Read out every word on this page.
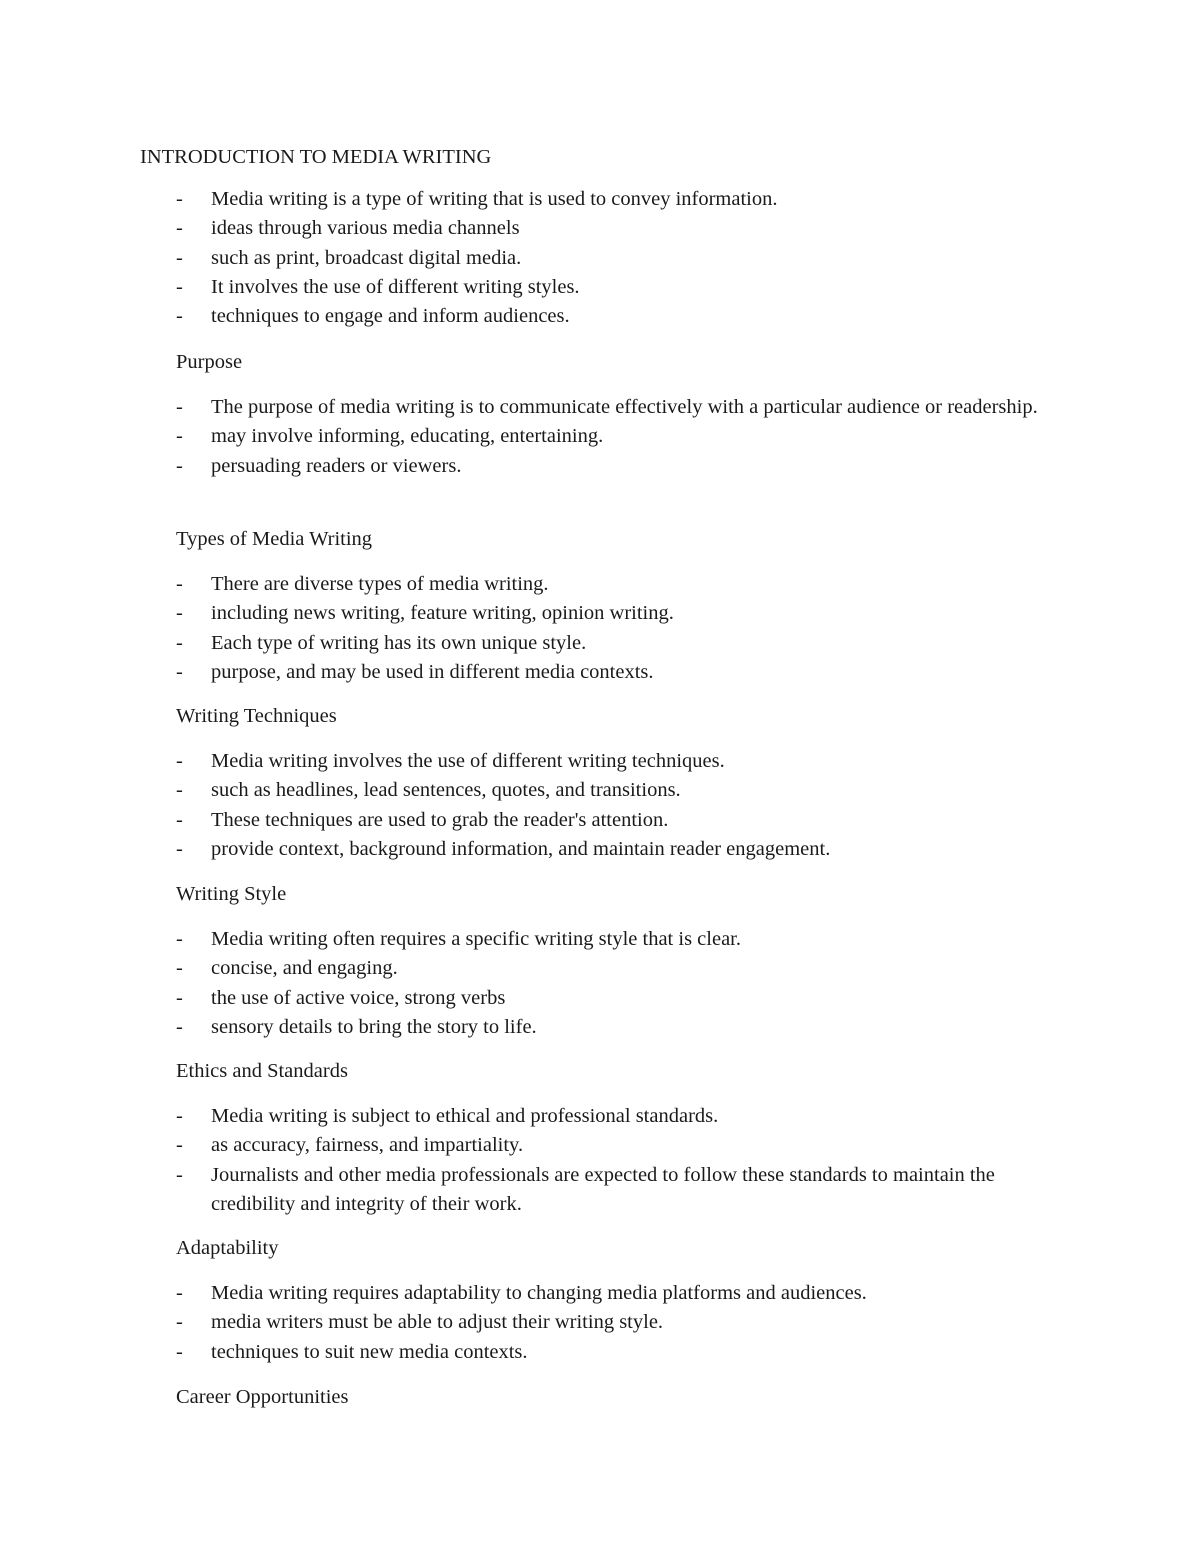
INTRODUCTION TO MEDIA WRITING
- Media writing is a type of writing that is used to convey information.
- ideas through various media channels
- such as print, broadcast digital media.
- It involves the use of different writing styles.
- techniques to engage and inform audiences.
Purpose
- The purpose of media writing is to communicate effectively with a particular audience or readership.
- may involve informing, educating, entertaining.
- persuading readers or viewers.
Types of Media Writing
- There are diverse types of media writing.
- including news writing, feature writing, opinion writing.
- Each type of writing has its own unique style.
- purpose, and may be used in different media contexts.
Writing Techniques
- Media writing involves the use of different writing techniques.
- such as headlines, lead sentences, quotes, and transitions.
- These techniques are used to grab the reader's attention.
- provide context, background information, and maintain reader engagement.
Writing Style
- Media writing often requires a specific writing style that is clear.
- concise, and engaging.
- the use of active voice, strong verbs
- sensory details to bring the story to life.
Ethics and Standards
- Media writing is subject to ethical and professional standards.
- as accuracy, fairness, and impartiality.
- Journalists and other media professionals are expected to follow these standards to maintain the credibility and integrity of their work.
Adaptability
- Media writing requires adaptability to changing media platforms and audiences.
- media writers must be able to adjust their writing style.
- techniques to suit new media contexts.
Career Opportunities
